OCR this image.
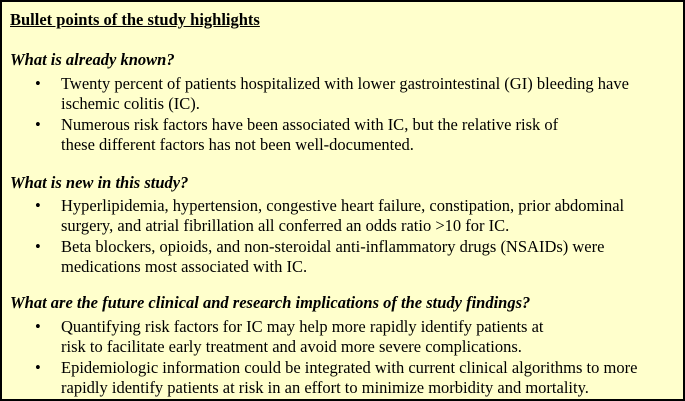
Bullet points of the study highlights
What is already known?
• Twenty percent of patients hospitalized with lower gastrointestinal (GI) bleeding have
ischemic colitis (IC).
• Numerous risk factors have been associated with IC, but the relative risk of
these different factors has not been well-documented.
What is new in this study?
• Hyperlipidemia, hypertension, congestive heart failure, constipation, prior abdominal
surgery, and atrial fibrillation all conferred an odds ratio >10 for IC.
• Beta blockers, opioids, and non-steroidal anti-inflammatory drugs (NSAIDs) were
medications most associated with IC.
What are the future clinical and research implications of the study findings?
• Quantifying risk factors for IC may help more rapidly identify patients at
risk to facilitate early treatment and avoid more severe complications.
• Epidemiologic information could be integrated with current clinical algorithms to more
rapidly identify patients at risk in an effort to minimize morbidity and mortality.
